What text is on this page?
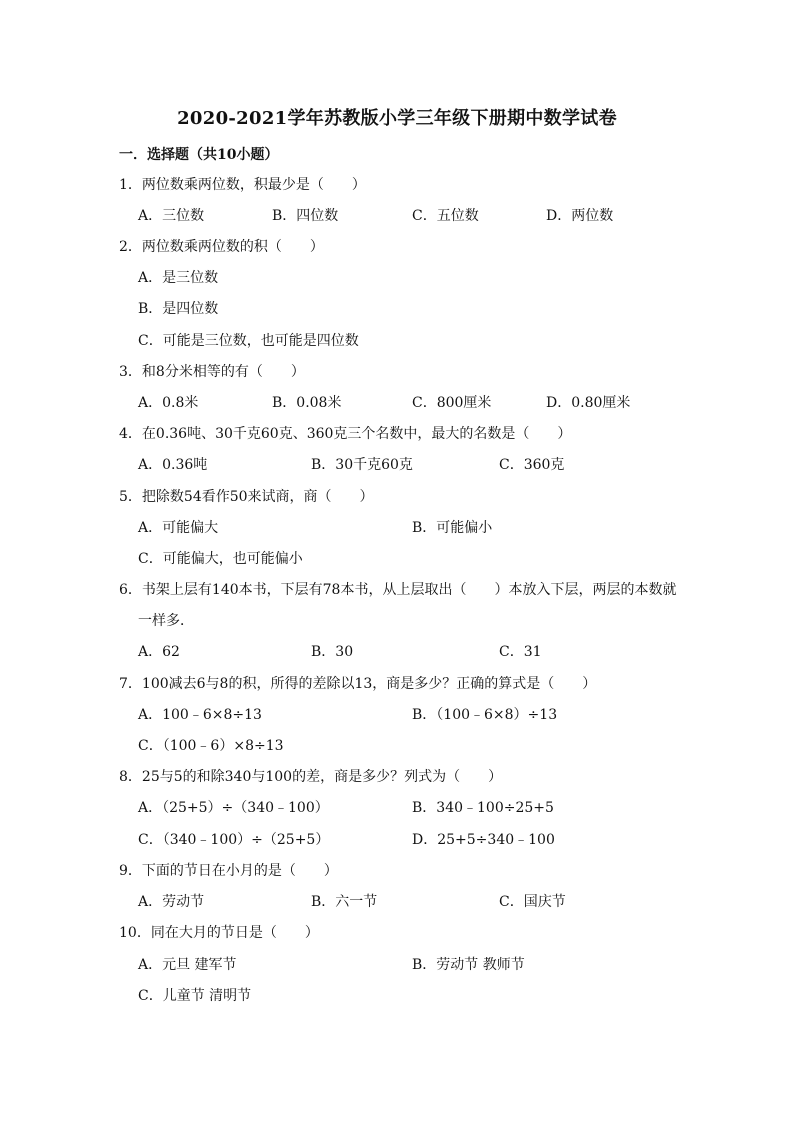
2020-2021学年苏教版小学三年级下册期中数学试卷
一．选择题（共10小题）
1．两位数乘两位数，积最少是（　　）
A．三位数	B．四位数	C．五位数	D．两位数
2．两位数乘两位数的积（　　）
A．是三位数
B．是四位数
C．可能是三位数，也可能是四位数
3．和8分米相等的有（　　）
A．0.8米	B．0.08米	C．800厘米	D．0.80厘米
4．在0.36吨、30千克60克、360克三个名数中，最大的名数是（　　）
A．0.36吨	B．30千克60克	C．360克
5．把除数54看作50来试商，商（　　）
A．可能偏大	B．可能偏小
C．可能偏大，也可能偏小
6．书架上层有140本书，下层有78本书，从上层取出（　　）本放入下层，两层的本数就
一样多．
A．62	B．30	C．31
7．100减去6与8的积，所得的差除以13，商是多少？正确的算式是（　　）
A．100﹣6×8÷13	B．（100﹣6×8）÷13
C．（100﹣6）×8÷13
8．25与5的和除340与100的差，商是多少？列式为（　　）
A．（25+5）÷（340﹣100）	B．340﹣100÷25+5
C．（340﹣100）÷（25+5）	D．25+5÷340﹣100
9．下面的节日在小月的是（　　）
A．劳动节	B．六一节	C．国庆节
10．同在大月的节日是（　　）
A．元旦 建军节	B．劳动节 教师节
C．儿童节 清明节
